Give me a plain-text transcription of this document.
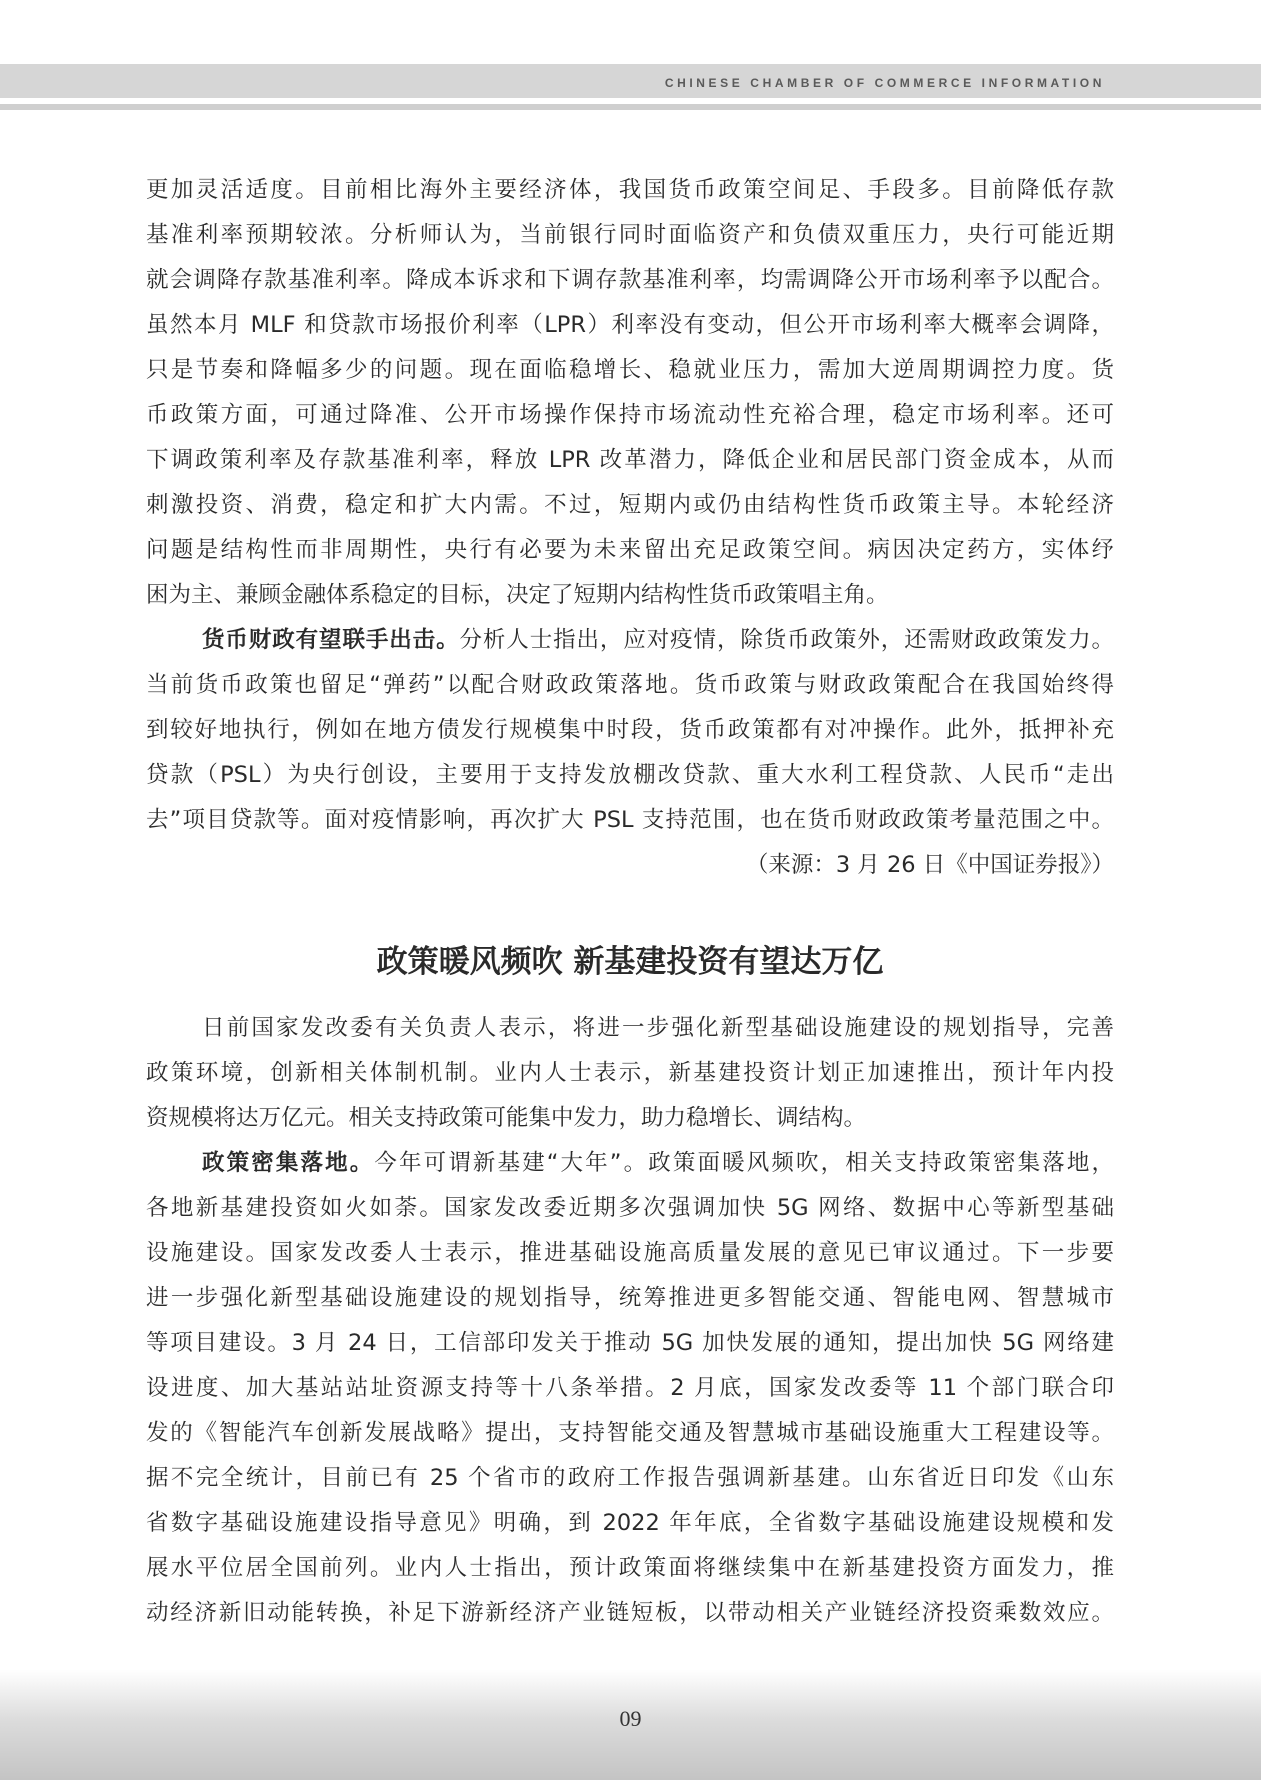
CHINESE CHAMBER OF COMMERCE INFORMATION
更加灵活适度。目前相比海外主要经济体，我国货币政策空间足、手段多。目前降低存款
基准利率预期较浓。分析师认为，当前银行同时面临资产和负债双重压力，央行可能近期
就会调降存款基准利率。降成本诉求和下调存款基准利率，均需调降公开市场利率予以配合。
虽然本月 MLF 和贷款市场报价利率（LPR）利率没有变动，但公开市场利率大概率会调降，
只是节奏和降幅多少的问题。现在面临稳增长、稳就业压力，需加大逆周期调控力度。货
币政策方面，可通过降准、公开市场操作保持市场流动性充裕合理，稳定市场利率。还可
下调政策利率及存款基准利率，释放 LPR 改革潜力，降低企业和居民部门资金成本，从而
刺激投资、消费，稳定和扩大内需。不过，短期内或仍由结构性货币政策主导。本轮经济
问题是结构性而非周期性，央行有必要为未来留出充足政策空间。病因决定药方，实体纾
困为主、兼顾金融体系稳定的目标，决定了短期内结构性货币政策唱主角。
货币财政有望联手出击。分析人士指出，应对疫情，除货币政策外，还需财政政策发力。
当前货币政策也留足“弹药”以配合财政政策落地。货币政策与财政政策配合在我国始终得
到较好地执行，例如在地方债发行规模集中时段，货币政策都有对冲操作。此外，抵押补充
贷款（PSL）为央行创设，主要用于支持发放棚改贷款、重大水利工程贷款、人民币“走出
去”项目贷款等。面对疫情影响，再次扩大 PSL 支持范围，也在货币财政政策考量范围之中。
（来源：3 月 26 日《中国证券报》）
政策暖风频吹 新基建投资有望达万亿
日前国家发改委有关负责人表示，将进一步强化新型基础设施建设的规划指导，完善
政策环境，创新相关体制机制。业内人士表示，新基建投资计划正加速推出，预计年内投
资规模将达万亿元。相关支持政策可能集中发力，助力稳增长、调结构。
政策密集落地。今年可谓新基建“大年”。政策面暖风频吹，相关支持政策密集落地，
各地新基建投资如火如荼。国家发改委近期多次强调加快 5G 网络、数据中心等新型基础
设施建设。国家发改委人士表示，推进基础设施高质量发展的意见已审议通过。下一步要
进一步强化新型基础设施建设的规划指导，统筹推进更多智能交通、智能电网、智慧城市
等项目建设。3 月 24 日，工信部印发关于推动 5G 加快发展的通知，提出加快 5G 网络建
设进度、加大基站站址资源支持等十八条举措。2 月底，国家发改委等 11 个部门联合印
发的《智能汽车创新发展战略》提出，支持智能交通及智慧城市基础设施重大工程建设等。
据不完全统计，目前已有 25 个省市的政府工作报告强调新基建。山东省近日印发《山东
省数字基础设施建设指导意见》明确，到 2022 年年底，全省数字基础设施建设规模和发
展水平位居全国前列。业内人士指出，预计政策面将继续集中在新基建投资方面发力，推
动经济新旧动能转换，补足下游新经济产业链短板，以带动相关产业链经济投资乘数效应。
09
